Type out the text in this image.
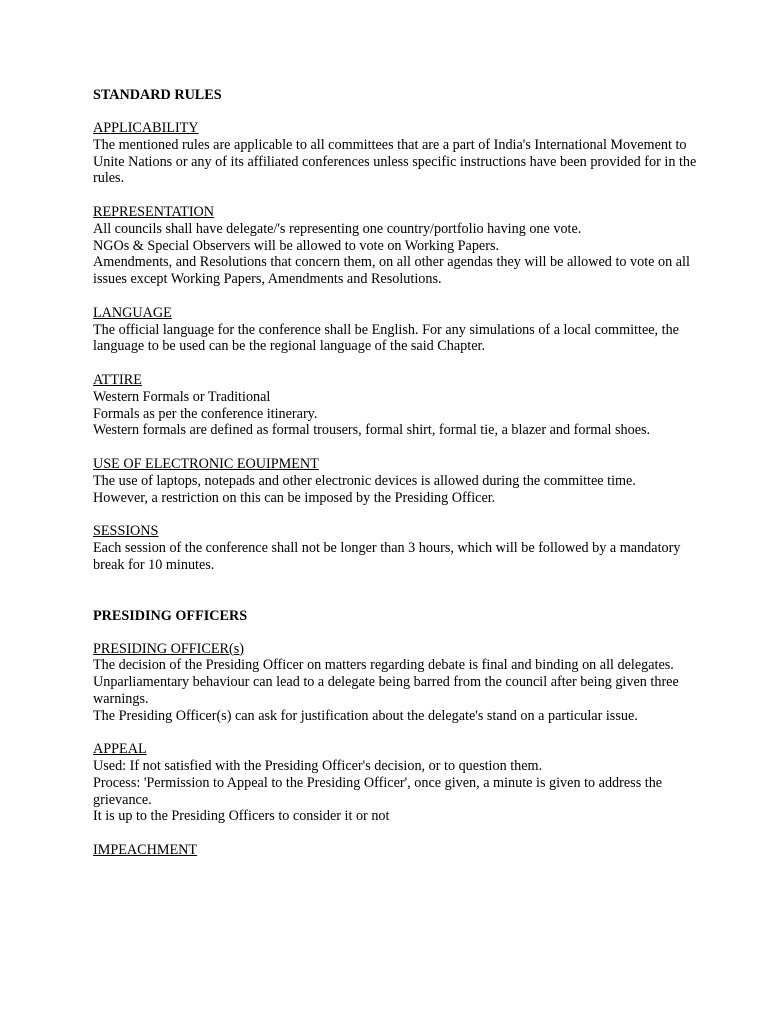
STANDARD RULES
APPLICABILITY
The mentioned rules are applicable to all committees that are a part of India's International Movement to Unite Nations or any of its affiliated conferences unless specific instructions have been provided for in the rules.
REPRESENTATION
All councils shall have delegate/'s representing one country/portfolio having one vote.
NGOs & Special Observers will be allowed to vote on Working Papers.
Amendments, and Resolutions that concern them, on all other agendas they will be allowed to vote on all issues except Working Papers, Amendments and Resolutions.
LANGUAGE
The official language for the conference shall be English. For any simulations of a local committee, the language to be used can be the regional language of the said Chapter.
ATTIRE
Western Formals or Traditional
Formals as per the conference itinerary.
Western formals are defined as formal trousers, formal shirt, formal tie, a blazer and formal shoes.
USE OF ELECTRONIC EOUIPMENT
The use of laptops, notepads and other electronic devices is allowed during the committee time.
However, a restriction on this can be imposed by the Presiding Officer.
SESSIONS
Each session of the conference shall not be longer than 3 hours, which will be followed by a mandatory break for 10 minutes.
PRESIDING OFFICERS
PRESIDING OFFICER(s)
The decision of the Presiding Officer on matters regarding debate is final and binding on all delegates.
Unparliamentary behaviour can lead to a delegate being barred from the council after being given three warnings.
The Presiding Officer(s) can ask for justification about the delegate's stand on a particular issue.
APPEAL
Used: If not satisfied with the Presiding Officer's decision, or to question them.
Process: 'Permission to Appeal to the Presiding Officer', once given, a minute is given to address the grievance.
It is up to the Presiding Officers to consider it or not
IMPEACHMENT
